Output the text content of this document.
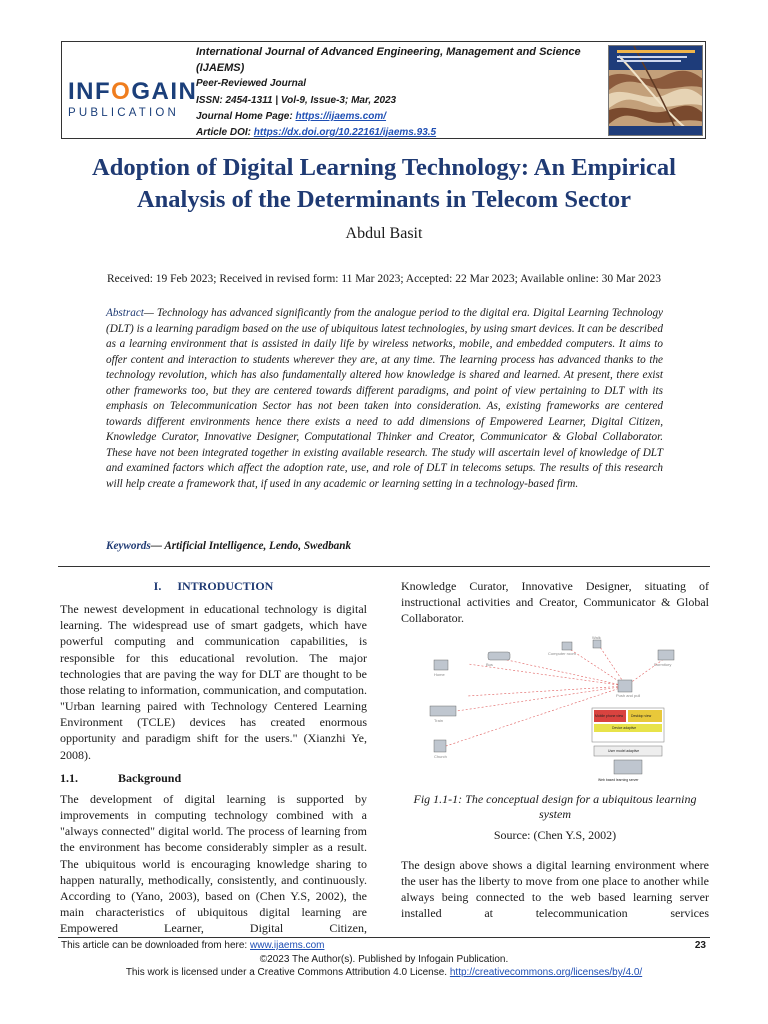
INFOGAIN
PUBLICATION
International Journal of Advanced Engineering, Management and Science
(IJAEMS)
Peer-Reviewed Journal
ISSN: 2454-1311 | Vol-9, Issue-3; Mar, 2023
Journal Home Page: https://ijaems.com/
Article DOI: https://dx.doi.org/10.22161/ijaems.93.5
Adoption of Digital Learning Technology: An Empirical
Analysis of the Determinants in Telecom Sector
Abdul Basit
Received: 19 Feb 2023; Received in revised form: 11 Mar 2023; Accepted: 22 Mar 2023; Available online: 30 Mar 2023
Abstract— Technology has advanced significantly from the analogue period to the digital era. Digital Learning Technology (DLT) is a learning paradigm based on the use of ubiquitous latest technologies, by using smart devices. It can be described as a learning environment that is assisted in daily life by wireless networks, mobile, and embedded computers. It aims to offer content and interaction to students wherever they are, at any time. The learning process has advanced thanks to the technology revolution, which has also fundamentally altered how knowledge is shared and learned. At present, there exist other frameworks too, but they are centered towards different paradigms, and point of view pertaining to DLT with its emphasis on Telecommunication Sector has not been taken into consideration. As, existing frameworks are centered towards different environments hence there exists a need to add dimensions of Empowered Learner, Digital Citizen, Knowledge Curator, Innovative Designer, Computational Thinker and Creator, Communicator & Global Collaborator. These have not been integrated together in existing available research. The study will ascertain level of knowledge of DLT and examined factors which affect the adoption rate, use, and role of DLT in telecoms setups. The results of this research will help create a framework that, if used in any academic or learning setting in a technology-based firm.
Keywords— Artificial Intelligence, Lendo, Swedbank
I. INTRODUCTION
The newest development in educational technology is digital learning. The widespread use of smart gadgets, which have powerful computing and communication capabilities, is responsible for this educational revolution. The major technologies that are paving the way for DLT are thought to be those relating to information, communication, and computation. "Urban learning paired with Technology Centered Learning Environment (TCLE) devices has created enormous opportunity and paradigm shift for the users." (Xianzhi Ye, 2008).
1.1.	Background
The development of digital learning is supported by improvements in computing technology combined with a "always connected" digital world. The process of learning from the environment has become considerably simpler as a result. The ubiquitous world is encouraging knowledge sharing to happen naturally, methodically, consistently, and continuously. According to (Yano, 2003), based on (Chen Y.S, 2002), the main characteristics of ubiquitous digital learning are Empowered Learner, Digital Citizen,
Knowledge Curator, Innovative Designer, situating of instructional activities and Creator, Communicator & Global Collaborator.
Bus
Walk
Computer room
Dormitory
Home
Train
Church
Push and pull
Mobile phone view Desktop view
Device adaptive
User model adaptive
Web based learning server
Fig 1.1-1: The conceptual design for a ubiquitous learning system
Source: (Chen Y.S, 2002)
The design above shows a digital learning environment where the user has the liberty to move from one place to another while always being connected to the web based learning server installed at telecommunication services
This article can be downloaded from here: www.ijaems.com	23
©2023 The Author(s). Published by Infogain Publication.
This work is licensed under a Creative Commons Attribution 4.0 License. http://creativecommons.org/licenses/by/4.0/
